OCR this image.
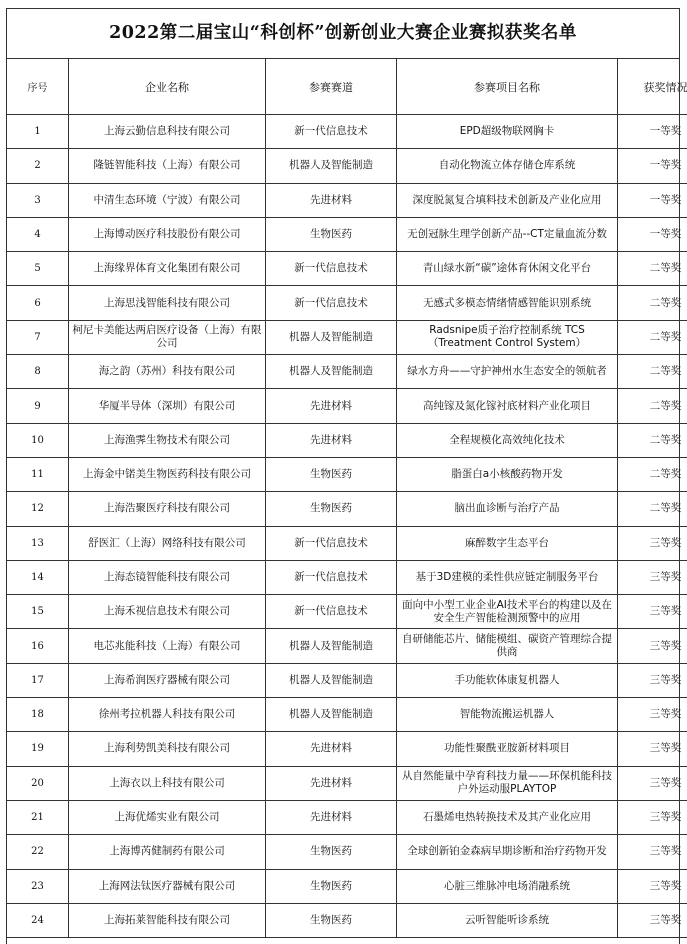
2022第二届宝山“科创杯”创新创业大赛企业赛拟获奖名单
序号	企业名称	参赛赛道	参赛项目名称	获奖情况
1	上海云勤信息科技有限公司	新一代信息技术	EPD超级物联网胸卡	一等奖
2	隆链智能科技（上海）有限公司	机器人及智能制造	自动化物流立体存储仓库系统	一等奖
3	中清生态环境（宁波）有限公司	先进材料	深度脱氮复合填料技术创新及产业化应用	一等奖
4	上海博动医疗科技股份有限公司	生物医药	无创冠脉生理学创新产品--CT定量血流分数	一等奖
5	上海缘界体育文化集团有限公司	新一代信息技术	青山绿水新“碳”途体育休闲文化平台	二等奖
6	上海思浅智能科技有限公司	新一代信息技术	无感式多模态情绪情感智能识别系统	二等奖
7	柯尼卡美能达两启医疗设备（上海）有限公司	机器人及智能制造	Radsnipe质子治疗控制系统 TCS（Treatment Control System）	二等奖
8	海之韵（苏州）科技有限公司	机器人及智能制造	绿水方舟——守护神州水生态安全的领航者	二等奖
9	华厦半导体（深圳）有限公司	先进材料	高纯镓及氮化镓衬底材料产业化项目	二等奖
10	上海渔霁生物技术有限公司	先进材料	全程规模化高效纯化技术	二等奖
11	上海金中锘美生物医药科技有限公司	生物医药	脂蛋白a小核酸药物开发	二等奖
12	上海浩聚医疗科技有限公司	生物医药	脑出血诊断与治疗产品	二等奖
13	舒医汇（上海）网络科技有限公司	新一代信息技术	麻醉数字生态平台	三等奖
14	上海态镜智能科技有限公司	新一代信息技术	基于3D建模的柔性供应链定制服务平台	三等奖
15	上海禾视信息技术有限公司	新一代信息技术	面向中小型工业企业AI技术平台的构建以及在安全生产智能检测预警中的应用	三等奖
16	电芯兆能科技（上海）有限公司	机器人及智能制造	自研储能芯片、储能模组、碳资产管理综合提供商	三等奖
17	上海希润医疗器械有限公司	机器人及智能制造	手功能软体康复机器人	三等奖
18	徐州考拉机器人科技有限公司	机器人及智能制造	智能物流搬运机器人	三等奖
19	上海利势凯美科技有限公司	先进材料	功能性聚酰亚胺新材料项目	三等奖
20	上海衣以上科技有限公司	先进材料	从自然能量中孕育科技力量——环保机能科技户外运动服PLAYTOP	三等奖
21	上海优烯实业有限公司	先进材料	石墨烯电热转换技术及其产业化应用	三等奖
22	上海博芮健制药有限公司	生物医药	全球创新铂金森病早期诊断和治疗药物开发	三等奖
23	上海网法钛医疗器械有限公司	生物医药	心脏三维脉冲电场消融系统	三等奖
24	上海拓莱智能科技有限公司	生物医药	云听智能听诊系统	三等奖
